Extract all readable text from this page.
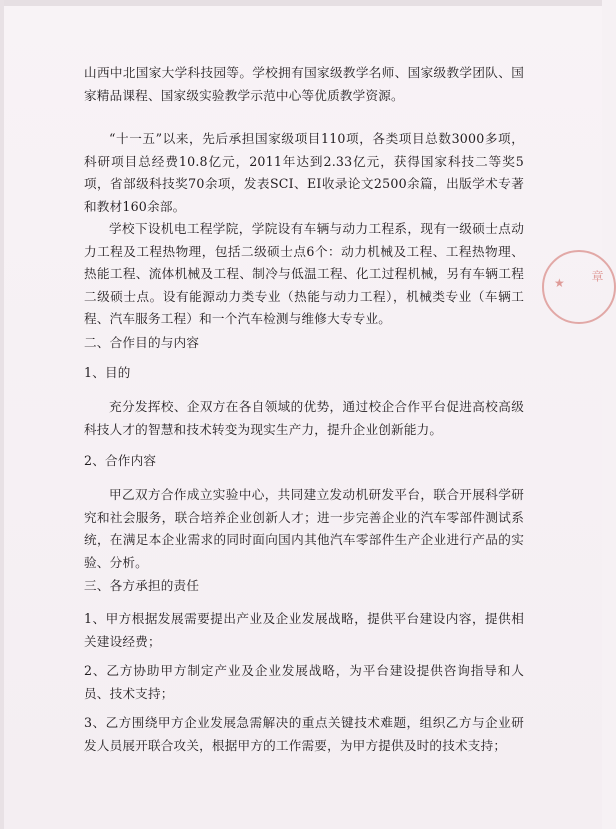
山西中北国家大学科技园等。学校拥有国家级教学名师、国家级教学团队、国家精品课程、国家级实验教学示范中心等优质教学资源。

“十一五”以来，先后承担国家级项目110项，各类项目总数3000多项，科研项目总经费10.8亿元，2011年达到2.33亿元，获得国家科技二等奖5项，省部级科技奖70余项，发表SCI、EI收录论文2500余篇，出版学术专著和教材160余部。

学校下设机电工程学院，学院设有车辆与动力工程系，现有一级硕士点动力工程及工程热物理，包括二级硕士点6个：动力机械及工程、工程热物理、热能工程、流体机械及工程、制冷与低温工程、化工过程机械，另有车辆工程二级硕士点。设有能源动力类专业（热能与动力工程），机械类专业（车辆工程、汽车服务工程）和一个汽车检测与维修大专专业。

二、合作目的与内容

1、目的

充分发挥校、企双方在各自领域的优势，通过校企合作平台促进高校高级科技人才的智慧和技术转变为现实生产力，提升企业创新能力。

2、合作内容

甲乙双方合作成立实验中心，共同建立发动机研发平台，联合开展科学研究和社会服务，联合培养企业创新人才；进一步完善企业的汽车零部件测试系统，在满足本企业需求的同时面向国内其他汽车零部件生产企业进行产品的实验、分析。

三、各方承担的责任

1、甲方根据发展需要提出产业及企业发展战略，提供平台建设内容，提供相关建设经费；

2、乙方协助甲方制定产业及企业发展战略，为平台建设提供咨询指导和人员、技术支持；

3、乙方围绕甲方企业发展急需解决的重点关键技术难题，组织乙方与企业研发人员展开联合攻关，根据甲方的工作需要，为甲方提供及时的技术支持；

★ 章
